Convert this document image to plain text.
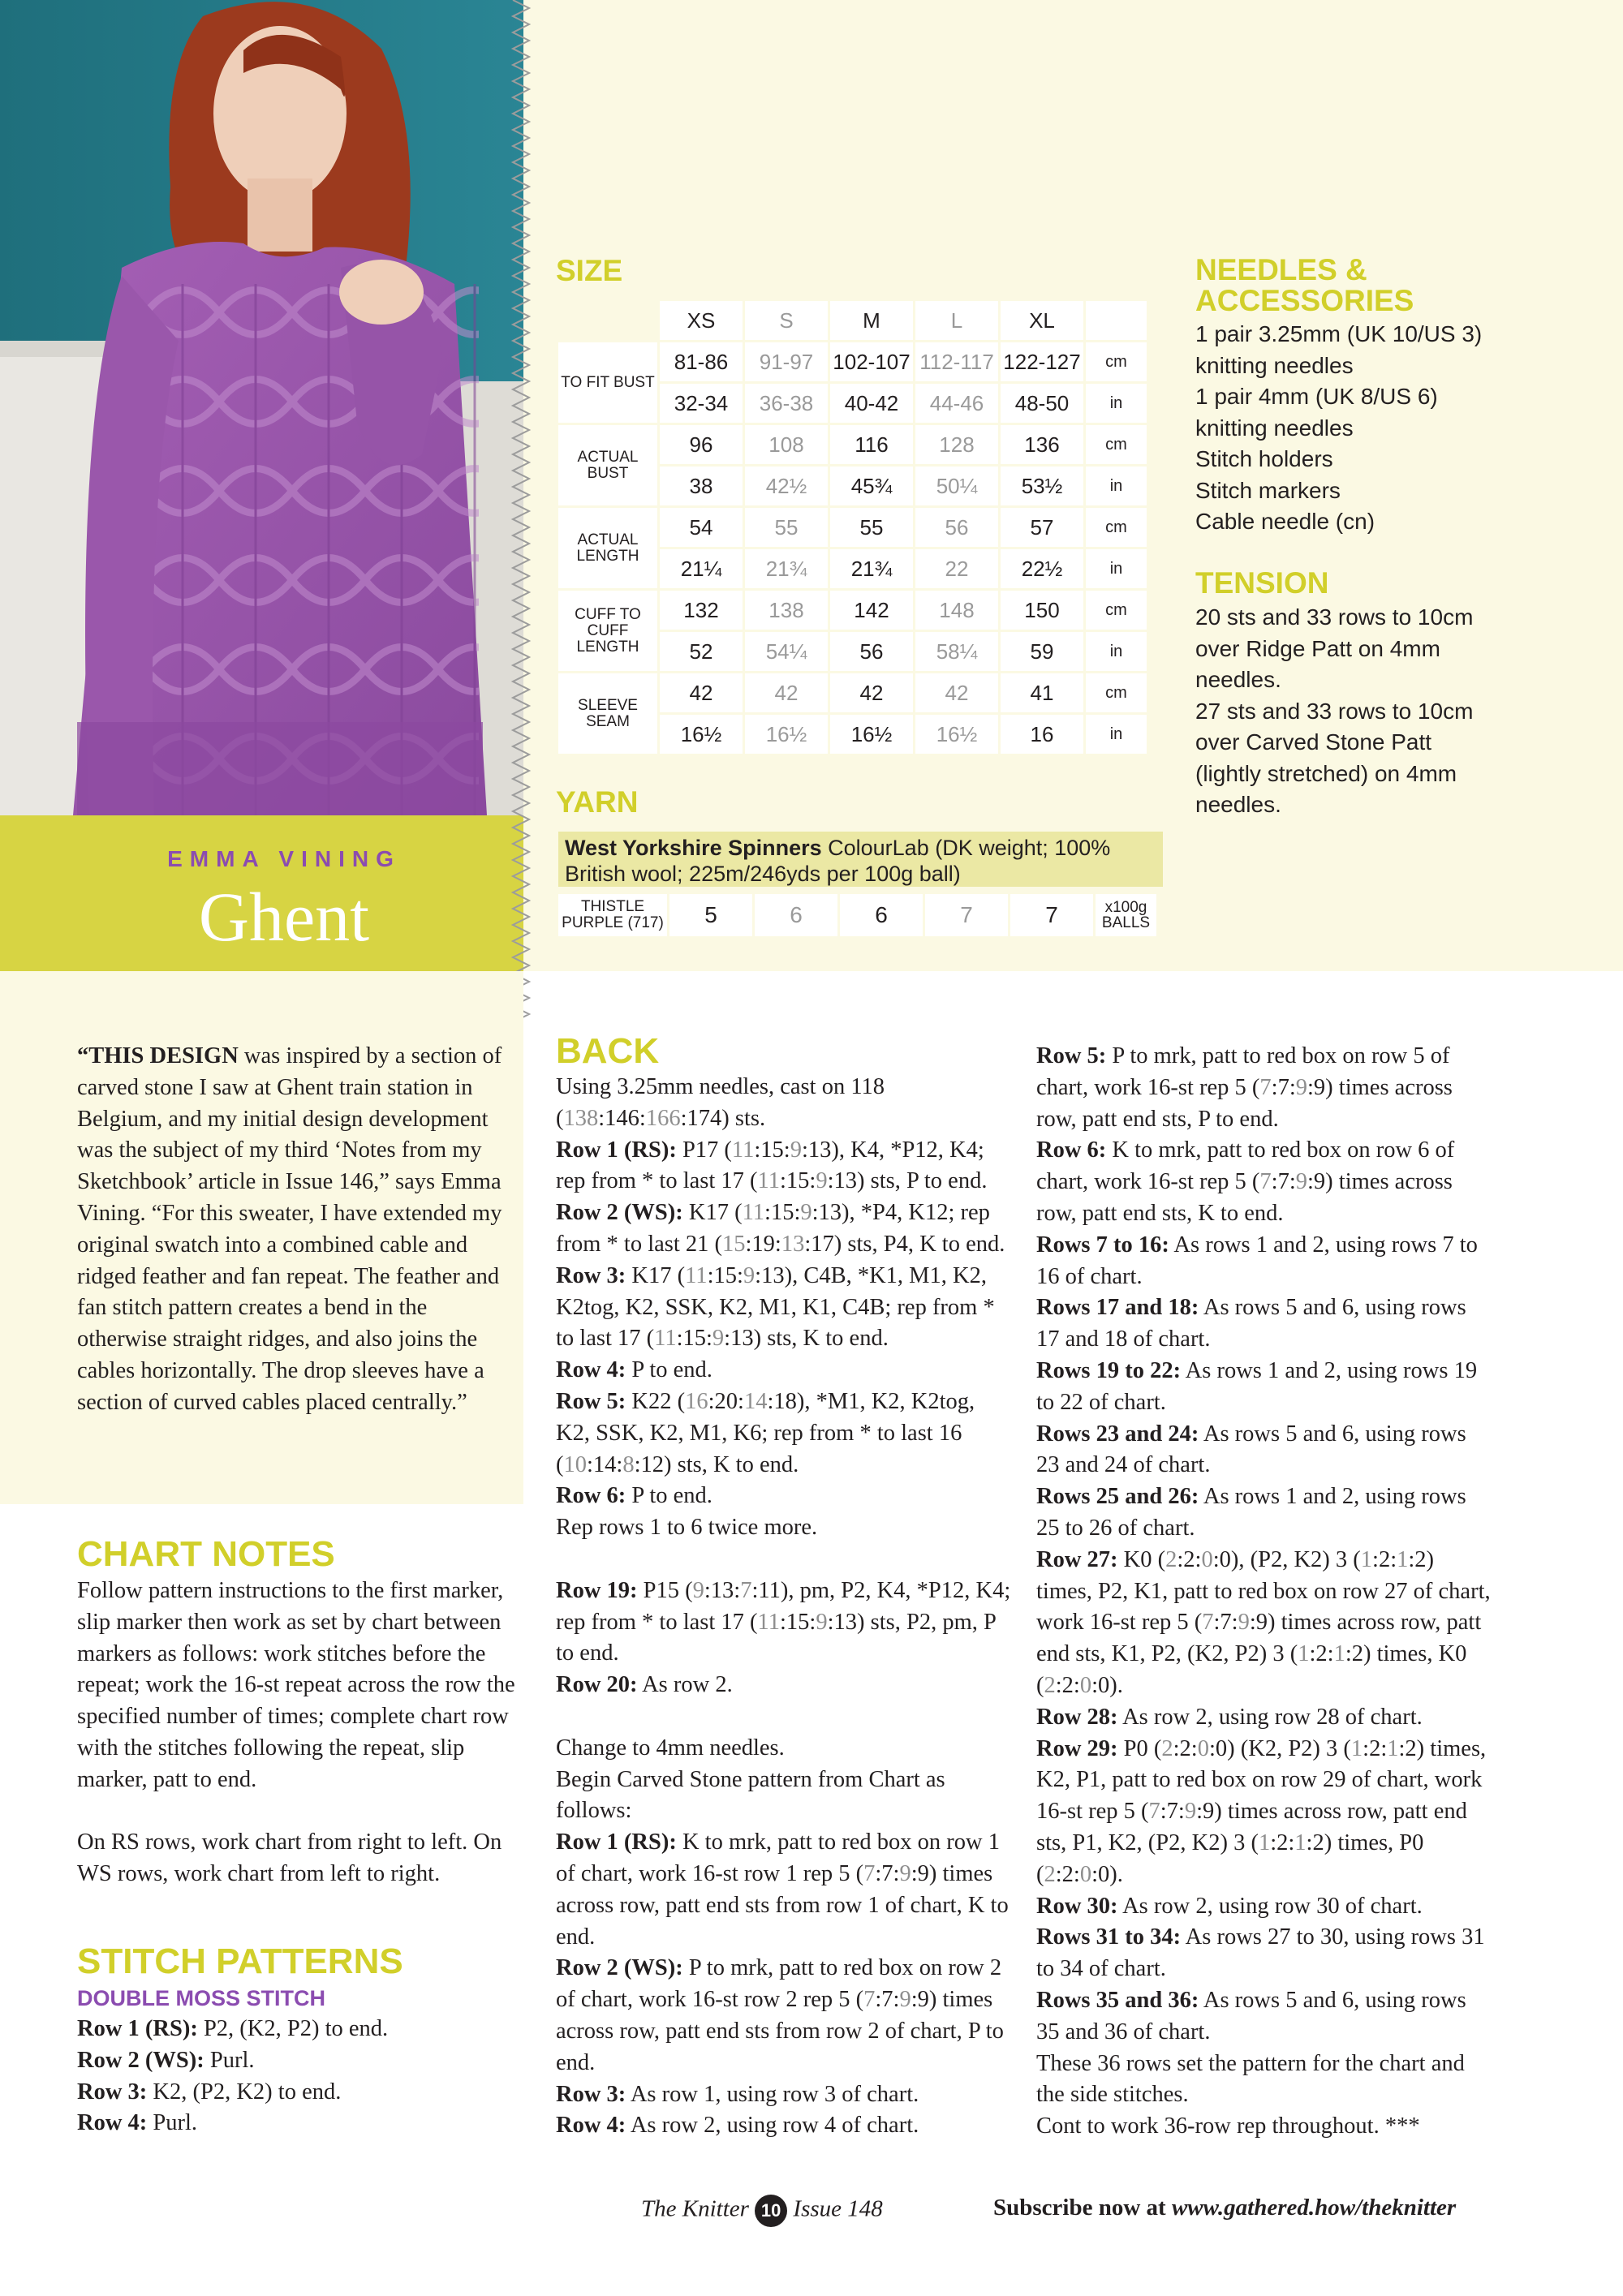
EMMA VINING
Ghent
SIZE
	XS	S	M	L	XL	
TO FIT BUST	81-86	91-97	102-107	112-117	122-127	cm
	32-34	36-38	40-42	44-46	48-50	in
ACTUAL BUST	96	108	116	128	136	cm
	38	42½	45¾	50¼	53½	in
ACTUAL LENGTH	54	55	55	56	57	cm
	21¼	21¾	21¾	22	22½	in
CUFF TO CUFF LENGTH	132	138	142	148	150	cm
	52	54¼	56	58¼	59	in
SLEEVE SEAM	42	42	42	42	41	cm
	16½	16½	16½	16½	16	in
YARN
West Yorkshire Spinners ColourLab (DK weight; 100% British wool; 225m/246yds per 100g ball)
THISTLE PURPLE (717)	5	6	6	7	7	x100g BALLS
NEEDLES & ACCESSORIES
1 pair 3.25mm (UK 10/US 3)
knitting needles
1 pair 4mm (UK 8/US 6)
knitting needles
Stitch holders
Stitch markers
Cable needle (cn)
TENSION
20 sts and 33 rows to 10cm
over Ridge Patt on 4mm
needles.
27 sts and 33 rows to 10cm
over Carved Stone Patt
(lightly stretched) on 4mm
needles.
“THIS DESIGN was inspired by a section of carved stone I saw at Ghent train station in Belgium, and my initial design development was the subject of my third ‘Notes from my Sketchbook’ article in Issue 146,” says Emma Vining. “For this sweater, I have extended my original swatch into a combined cable and ridged feather and fan repeat. The feather and fan stitch pattern creates a bend in the otherwise straight ridges, and also joins the cables horizontally. The drop sleeves have a section of curved cables placed centrally.”
CHART NOTES

Follow pattern instructions to the first marker, slip marker then work as set by chart between markers as follows: work stitches before the repeat; work the 16-st repeat across the row the specified number of times; complete chart row with the stitches following the repeat, slip marker, patt to end.

On RS rows, work chart from right to left. On WS rows, work chart from left to right.

STITCH PATTERNS
DOUBLE MOSS STITCH

Row 1 (RS): P2, (K2, P2) to end.

Row 2 (WS): Purl.

Row 3: K2, (P2, K2) to end.

Row 4: Purl.

BACK

Using 3.25mm needles, cast on 118 (138:146:166:174) sts.

Row 1 (RS): P17 (11:15:9:13), K4, *P12, K4; rep from * to last 17 (11:15:9:13) sts, P to end.

Row 2 (WS): K17 (11:15:9:13), *P4, K12; rep from * to last 21 (15:19:13:17) sts, P4, K to end.

Row 3: K17 (11:15:9:13), C4B, *K1, M1, K2, K2tog, K2, SSK, K2, M1, K1, C4B; rep from * to last 17 (11:15:9:13) sts, K to end.

Row 4: P to end.

Row 5: K22 (16:20:14:18), *M1, K2, K2tog, K2, SSK, K2, M1, K6; rep from * to last 16 (10:14:8:12) sts, K to end.

Row 6: P to end.

Rep rows 1 to 6 twice more.

Row 19: P15 (9:13:7:11), pm, P2, K4, *P12, K4; rep from * to last 17 (11:15:9:13) sts, P2, pm, P to end.

Row 20: As row 2.

Change to 4mm needles.

Begin Carved Stone pattern from Chart as follows:

Row 1 (RS): K to mrk, patt to red box on row 1 of chart, work 16-st row 1 rep 5 (7:7:9:9) times across row, patt end sts from row 1 of chart, K to end.

Row 2 (WS): P to mrk, patt to red box on row 2 of chart, work 16-st row 2 rep 5 (7:7:9:9) times across row, patt end sts from row 2 of chart, P to end.

Row 3: As row 1, using row 3 of chart.

Row 4: As row 2, using row 4 of chart.

Row 5: P to mrk, patt to red box on row 5 of chart, work 16-st rep 5 (7:7:9:9) times across row, patt end sts, P to end.

Row 6: K to mrk, patt to red box on row 6 of chart, work 16-st rep 5 (7:7:9:9) times across row, patt end sts, K to end.

Rows 7 to 16: As rows 1 and 2, using rows 7 to 16 of chart.

Rows 17 and 18: As rows 5 and 6, using rows 17 and 18 of chart.

Rows 19 to 22: As rows 1 and 2, using rows 19 to 22 of chart.

Rows 23 and 24: As rows 5 and 6, using rows 23 and 24 of chart.

Rows 25 and 26: As rows 1 and 2, using rows 25 to 26 of chart.

Row 27: K0 (2:2:0:0), (P2, K2) 3 (1:2:1:2) times, P2, K1, patt to red box on row 27 of chart, work 16-st rep 5 (7:7:9:9) times across row, patt end sts, K1, P2, (K2, P2) 3 (1:2:1:2) times, K0 (2:2:0:0).

Row 28: As row 2, using row 28 of chart.

Row 29: P0 (2:2:0:0) (K2, P2) 3 (1:2:1:2) times, K2, P1, patt to red box on row 29 of chart, work 16-st rep 5 (7:7:9:9) times across row, patt end sts, P1, K2, (P2, K2) 3 (1:2:1:2) times, P0 (2:2:0:0).

Row 30: As row 2, using row 30 of chart.

Rows 31 to 34: As rows 27 to 30, using rows 31 to 34 of chart.

Rows 35 and 36: As rows 5 and 6, using rows 35 and 36 of chart.

These 36 rows set the pattern for the chart and the side stitches.

Cont to work 36-row rep throughout. ***

The Knitter 10 Issue 148	Subscribe now at www.gathered.how/theknitter
